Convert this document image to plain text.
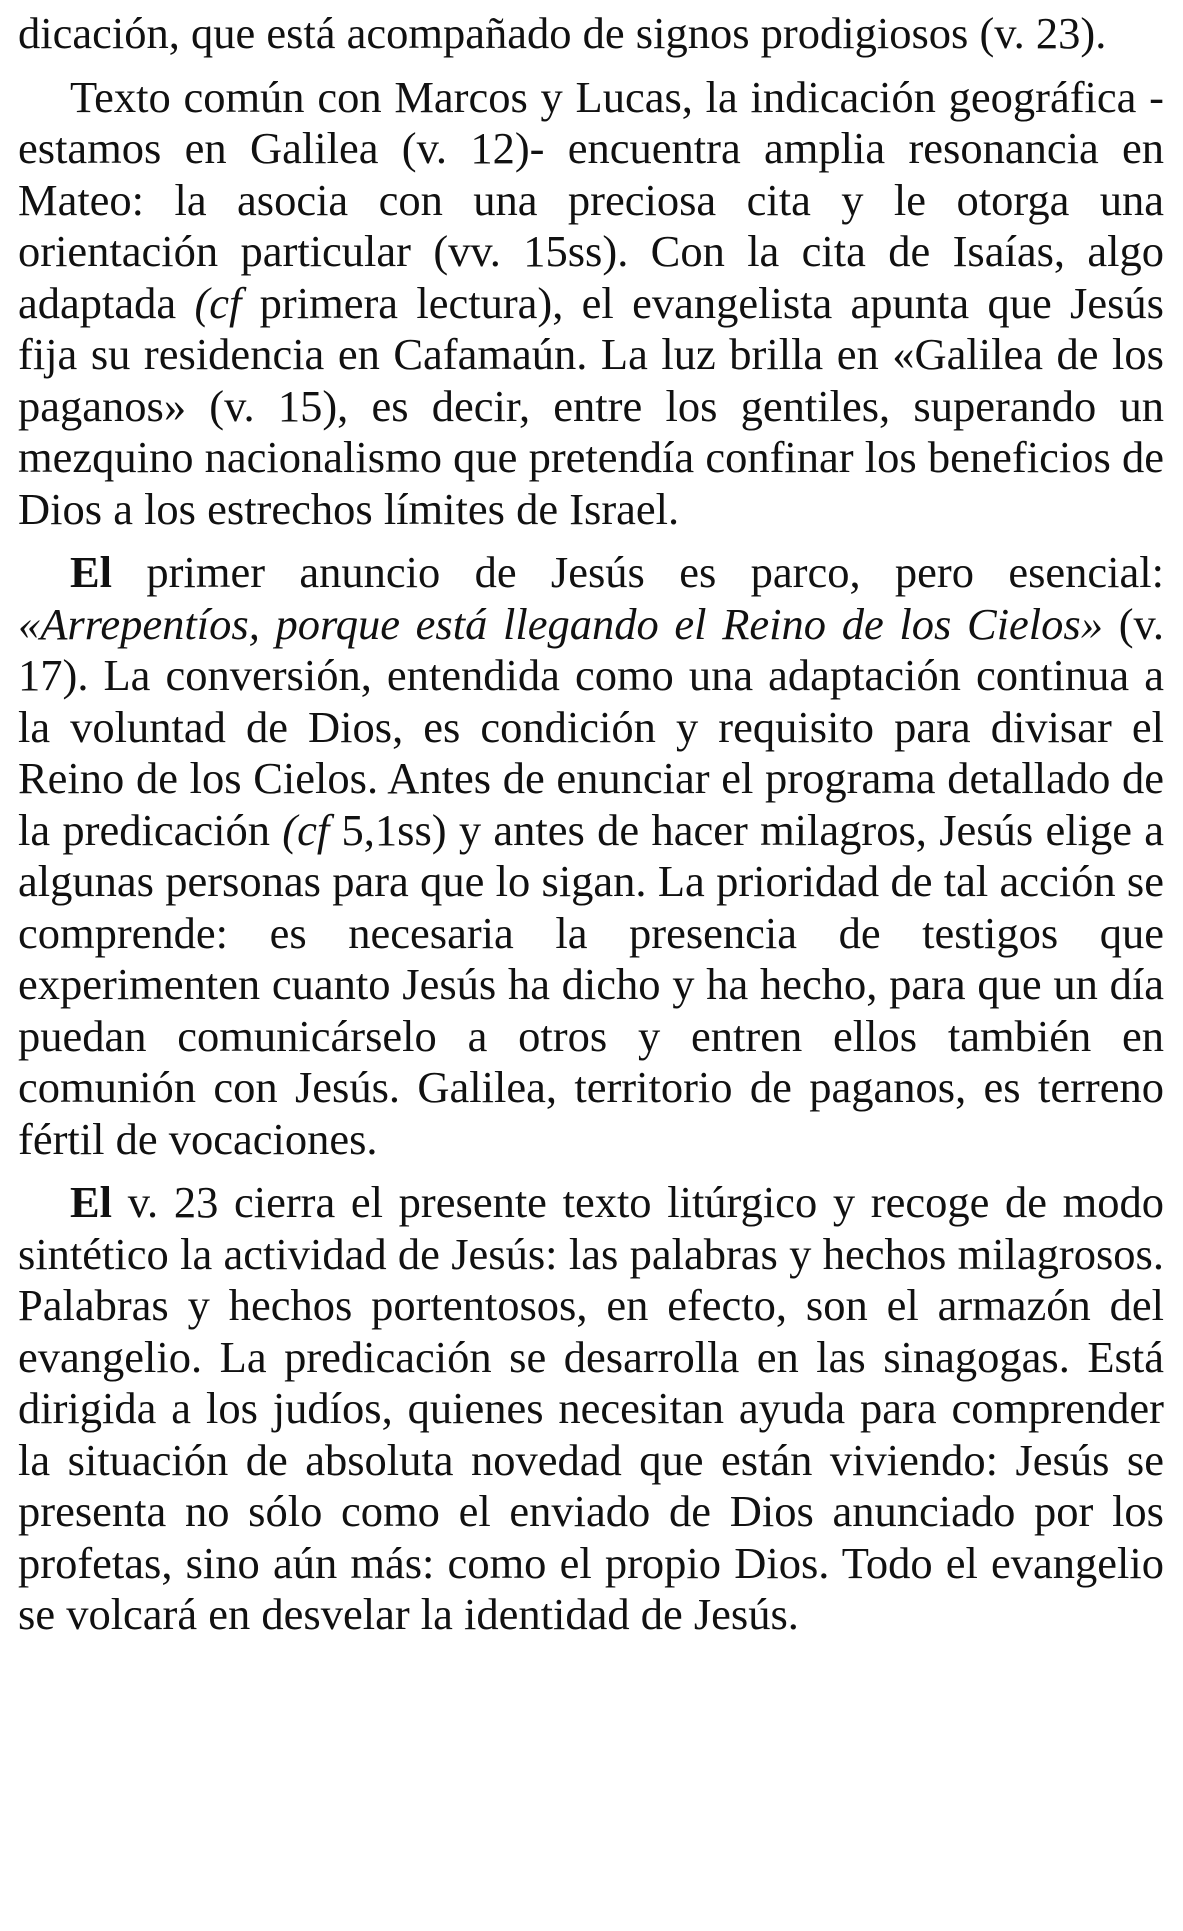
dicación, que está acompañado de signos prodigiosos (v. 23).

Texto común con Marcos y Lucas, la indicación geográfica -estamos en Galilea (v. 12)- encuentra amplia resonancia en Mateo: la asocia con una preciosa cita y le otorga una orientación particular (vv. 15ss). Con la cita de Isaías, algo adaptada (cf primera lectura), el evangelista apunta que Jesús fija su residencia en Cafamaún. La luz brilla en «Galilea de los paganos» (v. 15), es decir, entre los gentiles, superando un mezquino nacionalismo que pretendía confinar los beneficios de Dios a los estrechos límites de Israel.

El primer anuncio de Jesús es parco, pero esencial: «Arrepentíos, porque está llegando el Reino de los Cielos» (v. 17). La conversión, entendida como una adaptación continua a la voluntad de Dios, es condición y requisito para divisar el Reino de los Cielos. Antes de enunciar el programa detallado de la predicación (cf 5,1ss) y antes de hacer milagros, Jesús elige a algunas personas para que lo sigan. La prioridad de tal acción se comprende: es necesaria la presencia de testigos que experimenten cuanto Jesús ha dicho y ha hecho, para que un día puedan comunicárselo a otros y entren ellos también en comunión con Jesús. Galilea, territorio de paganos, es terreno fértil de vocaciones.

El v. 23 cierra el presente texto litúrgico y recoge de modo sintético la actividad de Jesús: las palabras y hechos milagrosos. Palabras y hechos portentosos, en efecto, son el armazón del evangelio. La predicación se desarrolla en las sinagogas. Está dirigida a los judíos, quienes necesitan ayuda para comprender la situación de absoluta novedad que están viviendo: Jesús se presenta no sólo como el enviado de Dios anunciado por los profetas, sino aún más: como el propio Dios. Todo el evangelio se volcará en desvelar la identidad de Jesús.
